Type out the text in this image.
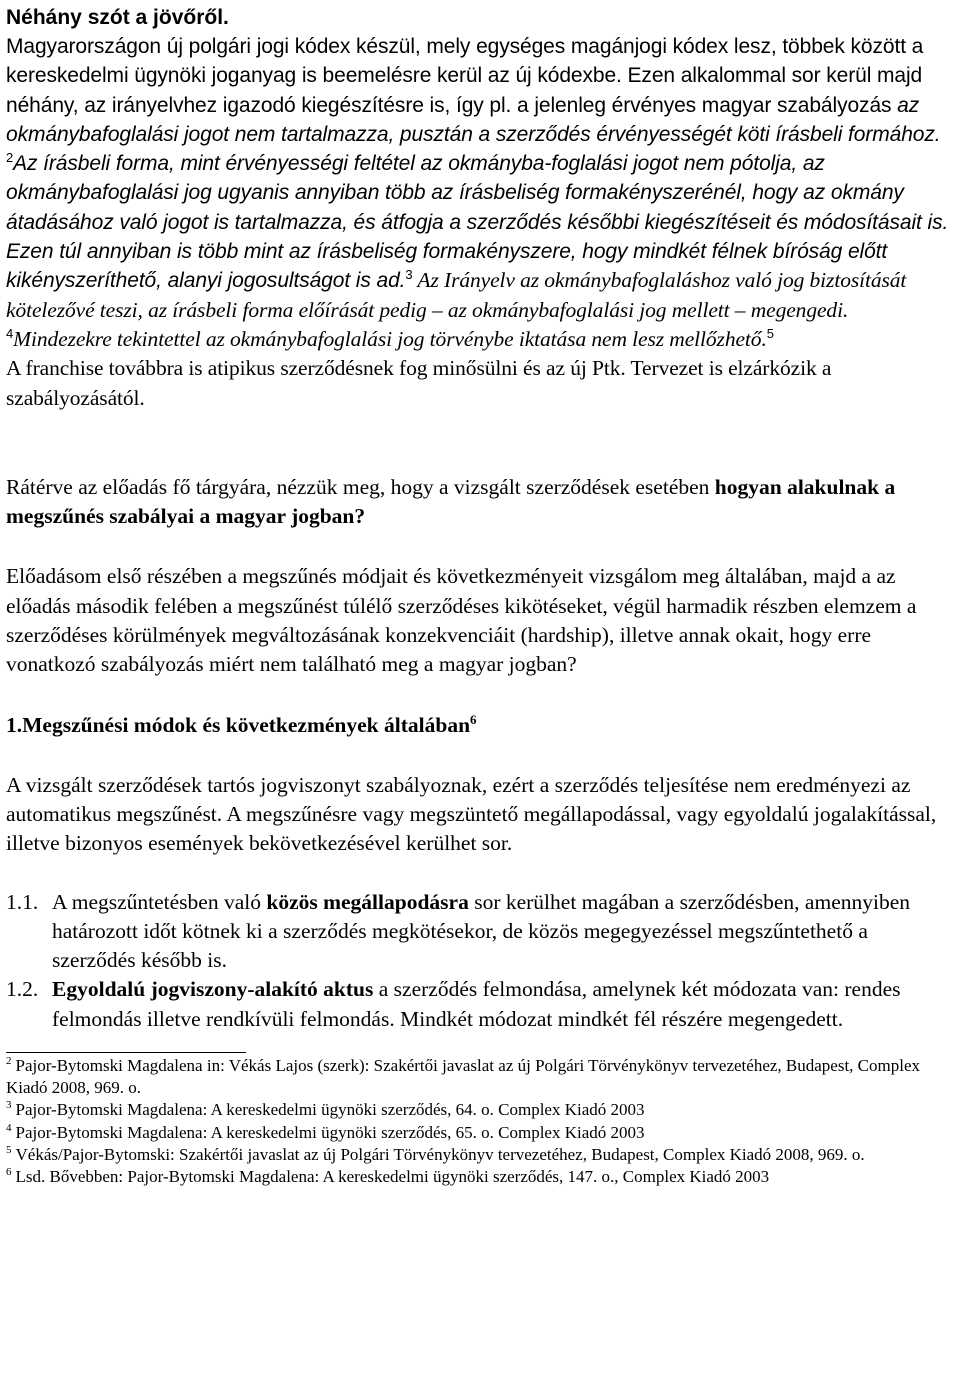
Néhány szót a jövőről.

Magyarországon új polgári jogi kódex készül, mely egységes magánjogi kódex lesz, többek között a kereskedelmi ügynöki joganyag is beemelésre kerül az új kódexbe. Ezen alkalommal sor kerül majd néhány, az irányelvhez igazodó kiegészítésre is, így pl. a jelenleg érvényes magyar szabályozás az okmánybafoglalási jogot nem tartalmazza, pusztán a szerződés érvényességét köti írásbeli formához. $^2$Az írásbeli forma, mint érvényességi feltétel az okmányba-foglalási jogot nem pótolja, az okmánybafoglalási jog ugyanis annyiban több az írásbeliség formakényszerénél, hogy az okmány átadásához való jogot is tartalmazza, és átfogja a szerződés későbbi kiegészítéseit és módosításait is. Ezen túl annyiban is több mint az írásbeliség formakényszere, hogy mindkét félnek bíróság előtt kikényszeríthető, alanyi jogosultságot is ad.$^3$ Az Irányelv az okmánybafoglaláshoz való jog biztosítását kötelezővé teszi, az írásbeli forma előírását pedig – az okmánybafoglalási jog mellett – megengedi. $^4$Mindezekre tekintettel az okmánybafoglalási jog törvénybe iktatása nem lesz mellőzhető.$^5$
A franchise továbbra is atipikus szerződésnek fog minősülni és az új Ptk. Tervezet is elzárkózik a szabályozásától.

Rátérve az előadás fő tárgyára, nézzük meg, hogy a vizsgált szerződések esetében hogyan alakulnak a megszűnés szabályai a magyar jogban?

Előadásom első részében a megszűnés módjait és következményeit vizsgálom meg általában, majd a az előadás második felében a megszűnést túlélő szerződéses kikötéseket, végül harmadik részben elemzem a szerződéses körülmények megváltozásának konzekvenciáit (hardship), illetve annak okait, hogy erre vonatkozó szabályozás miért nem található meg a magyar jogban?

1.Megszűnési módok és következmények általában$^6$

A vizsgált szerződések tartós jogviszonyt szabályoznak, ezért a szerződés teljesítése nem eredményezi az automatikus megszűnést. A megszűnésre vagy megszüntető megállapodással, vagy egyoldalú jogalakítással, illetve bizonyos események bekövetkezésével kerülhet sor.

1.1. A megszűntetésben való közös megállapodásra sor kerülhet magában a szerződésben, amennyiben határozott időt kötnek ki a szerződés megkötésekor, de közös megegyezéssel megszűntethető a szerződés később is.
1.2. Egyoldalú jogviszony-alakító aktus a szerződés felmondása, amelynek két módozata van: rendes felmondás illetve rendkívüli felmondás. Mindkét módozat mindkét fél részére megengedett.

$^2$ Pajor-Bytomski Magdalena in: Vékás Lajos (szerk): Szakértői javaslat az új Polgári Törvénykönyv tervezetéhez, Budapest, Complex Kiadó 2008, 969. o.

$^3$ Pajor-Bytomski Magdalena: A kereskedelmi ügynöki szerződés, 64. o. Complex Kiadó 2003

$^4$ Pajor-Bytomski Magdalena: A kereskedelmi ügynöki szerződés, 65. o. Complex Kiadó 2003

$^5$ Vékás/Pajor-Bytomski: Szakértői javaslat az új Polgári Törvénykönyv tervezetéhez, Budapest, Complex Kiadó 2008, 969. o.

$^6$ Lsd. Bővebben: Pajor-Bytomski Magdalena: A kereskedelmi ügynöki szerződés, 147. o., Complex Kiadó 2003
